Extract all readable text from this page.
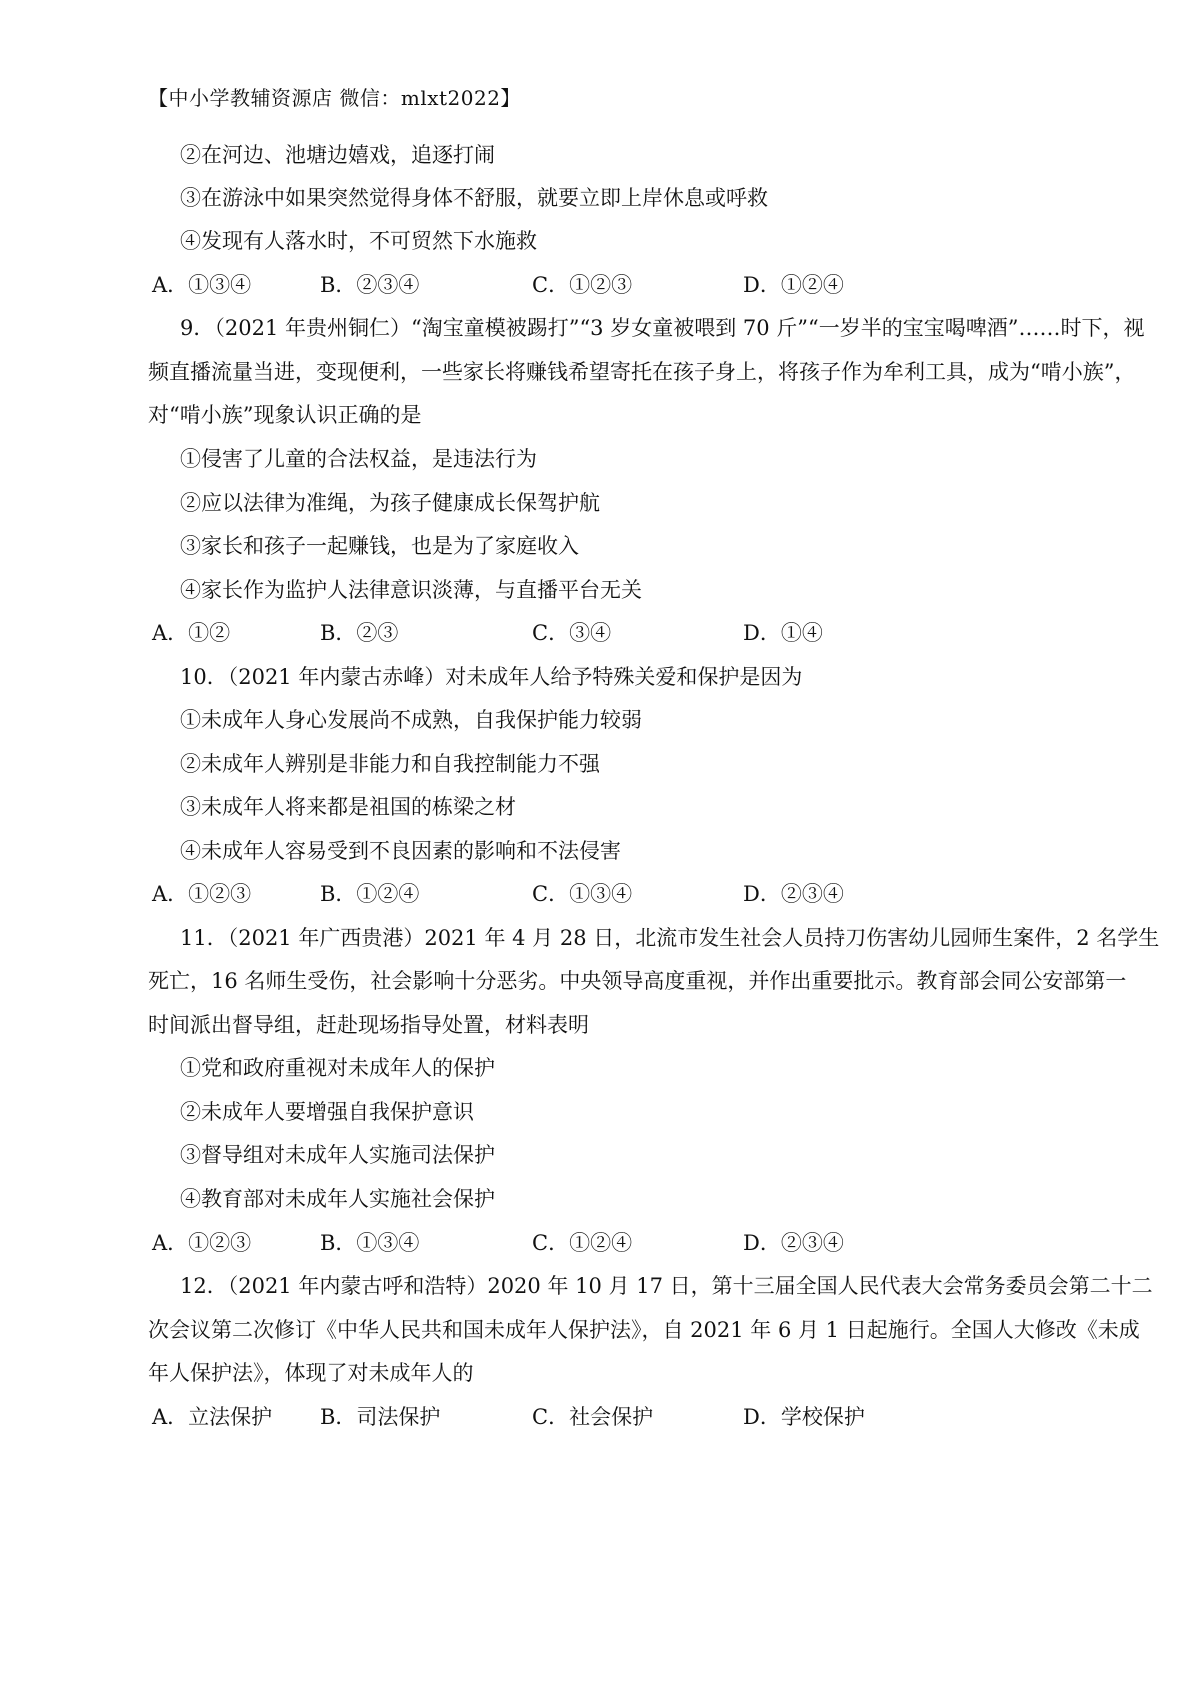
【中小学教辅资源店 微信：mlxt2022】
②在河边、池塘边嬉戏，追逐打闹
③在游泳中如果突然觉得身体不舒服，就要立即上岸休息或呼救
④发现有人落水时，不可贸然下水施救
A．①③④	B．②③④	C．①②③	D．①②④
9．（2021 年贵州铜仁）“淘宝童模被踢打”“3 岁女童被喂到 70 斤”“一岁半的宝宝喝啤酒”……时下，视
频直播流量当进，变现便利，一些家长将赚钱希望寄托在孩子身上，将孩子作为牟利工具，成为“啃小族”，
对“啃小族”现象认识正确的是
①侵害了儿童的合法权益，是违法行为
②应以法律为准绳，为孩子健康成长保驾护航
③家长和孩子一起赚钱，也是为了家庭收入
④家长作为监护人法律意识淡薄，与直播平台无关
A．①②	B．②③	C．③④	D．①④
10．（2021 年内蒙古赤峰）对未成年人给予特殊关爱和保护是因为
①未成年人身心发展尚不成熟，自我保护能力较弱
②未成年人辨别是非能力和自我控制能力不强
③未成年人将来都是祖国的栋梁之材
④未成年人容易受到不良因素的影响和不法侵害
A．①②③	B．①②④	C．①③④	D．②③④
11．（2021 年广西贵港）2021 年 4 月 28 日，北流市发生社会人员持刀伤害幼儿园师生案件，2 名学生
死亡，16 名师生受伤，社会影响十分恶劣。中央领导高度重视，并作出重要批示。教育部会同公安部第一
时间派出督导组，赶赴现场指导处置，材料表明
①党和政府重视对未成年人的保护
②未成年人要增强自我保护意识
③督导组对未成年人实施司法保护
④教育部对未成年人实施社会保护
A．①②③	B．①③④	C．①②④	D．②③④
12．（2021 年内蒙古呼和浩特）2020 年 10 月 17 日，第十三届全国人民代表大会常务委员会第二十二
次会议第二次修订《中华人民共和国未成年人保护法》，自 2021 年 6 月 1 日起施行。全国人大修改《未成
年人保护法》，体现了对未成年人的
A．立法保护 B．司法保护	C．社会保护	D．学校保护
